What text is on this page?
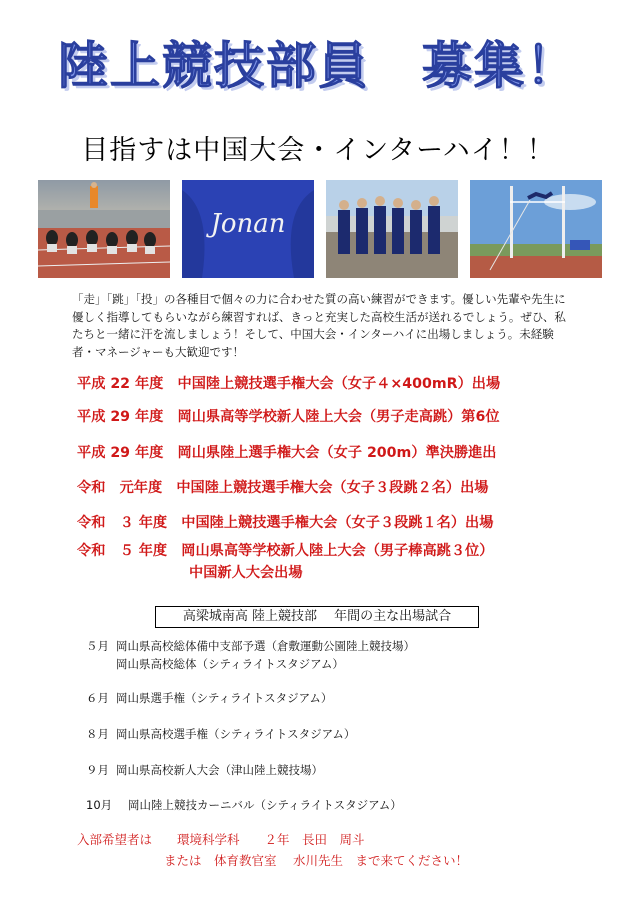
陸上競技部員　募集！
目指すは中国大会・インターハイ！！
Jonan
「走」「跳」「投」の各種目で個々の力に合わせた質の高い練習ができます。優しい先輩や先生に優しく指導してもらいながら練習すれば、きっと充実した高校生活が送れるでしょう。ぜひ、私たちと一緒に汗を流しましょう！そして、中国大会・インターハイに出場しましょう。未経験者・マネージャーも大歓迎です！
平成 22 年度　中国陸上競技選手権大会（女子４×400mR）出場
平成 29 年度　岡山県高等学校新人陸上大会（男子走高跳）第6位
平成 29 年度　岡山県陸上選手権大会（女子 200m）準決勝進出
令和　元年度　中国陸上競技選手権大会（女子３段跳２名）出場
令和　３ 年度　中国陸上競技選手権大会（女子３段跳１名）出場
令和　５ 年度　岡山県高等学校新人陸上大会（男子棒高跳３位）
中国新人大会出場
高梁城南高 陸上競技部　 年間の主な出場試合
５月 岡山県高校総体備中支部予選（倉敷運動公園陸上競技場）
岡山県高校総体（シティライトスタジアム）
６月 岡山県選手権（シティライトスタジアム）
８月 岡山県高校選手権（シティライトスタジアム）
９月 岡山県高校新人大会（津山陸上競技場）
10月 岡山陸上競技カーニバル（シティライトスタジアム）
入部希望者は　　環境科学科　　２年　長田　周斗
または　体育教官室　 水川先生　まで来てください！
